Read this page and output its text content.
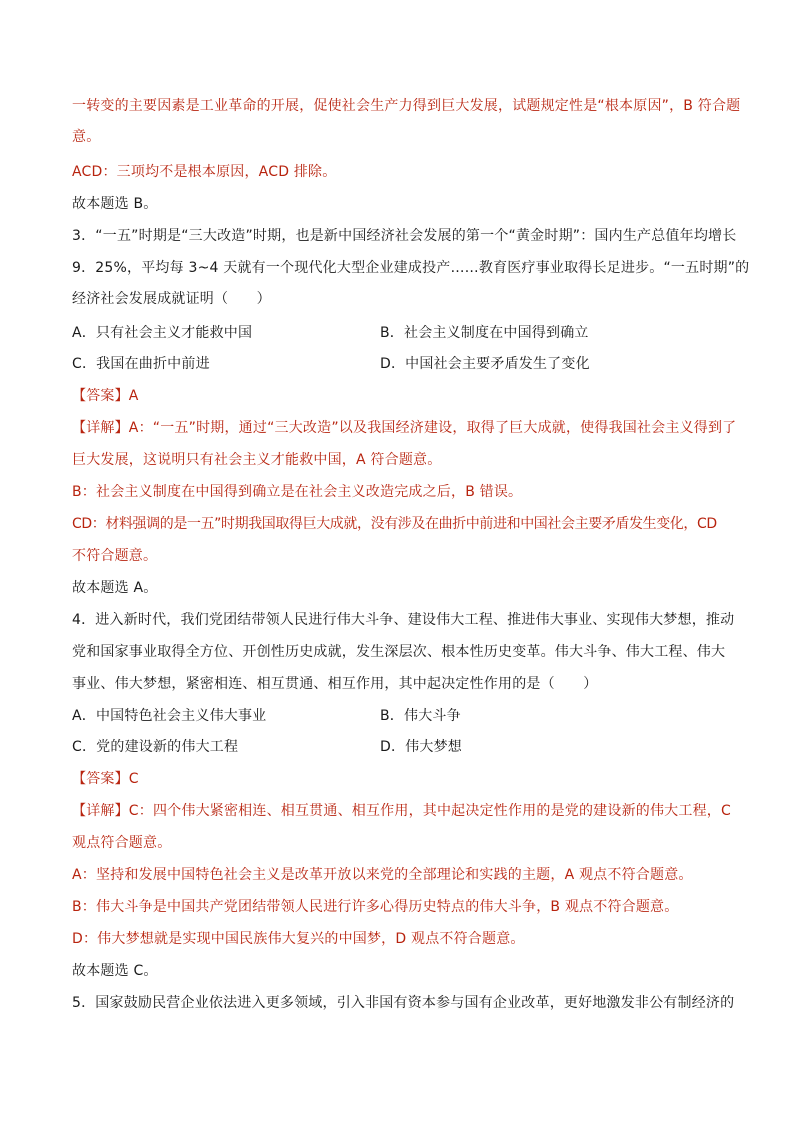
一转变的主要因素是工业革命的开展，促使社会生产力得到巨大发展，试题规定性是“根本原因”，B 符合题
意。
ACD：三项均不是根本原因，ACD 排除。
故本题选 B。
3．“一五”时期是“三大改造”时期，也是新中国经济社会发展的第一个“黄金时期”：国内生产总值年均增长
9．25%，平均每 3~4 天就有一个现代化大型企业建成投产……教育医疗事业取得长足进步。“一五时期”的
经济社会发展成就证明（　　）
A．只有社会主义才能救中国	B．社会主义制度在中国得到确立
C．我国在曲折中前进	D．中国社会主要矛盾发生了变化
【答案】A
【详解】A：“一五”时期，通过“三大改造”以及我国经济建设，取得了巨大成就，使得我国社会主义得到了
巨大发展，这说明只有社会主义才能救中国，A 符合题意。
B：社会主义制度在中国得到确立是在社会主义改造完成之后，B 错误。
CD：材料强调的是一五”时期我国取得巨大成就，没有涉及在曲折中前进和中国社会主要矛盾发生变化，CD
不符合题意。
故本题选 A。
4．进入新时代，我们党团结带领人民进行伟大斗争、建设伟大工程、推进伟大事业、实现伟大梦想，推动
党和国家事业取得全方位、开创性历史成就，发生深层次、根本性历史变革。伟大斗争、伟大工程、伟大
事业、伟大梦想，紧密相连、相互贯通、相互作用，其中起决定性作用的是（　　）
A．中国特色社会主义伟大事业	B．伟大斗争
C．党的建设新的伟大工程	D．伟大梦想
【答案】C
【详解】C：四个伟大紧密相连、相互贯通、相互作用，其中起决定性作用的是党的建设新的伟大工程，C
观点符合题意。
A：坚持和发展中国特色社会主义是改革开放以来党的全部理论和实践的主题，A 观点不符合题意。
B：伟大斗争是中国共产党团结带领人民进行许多心得历史特点的伟大斗争，B 观点不符合题意。
D：伟大梦想就是实现中国民族伟大复兴的中国梦，D 观点不符合题意。
故本题选 C。
5．国家鼓励民营企业依法进入更多领域，引入非国有资本参与国有企业改革，更好地激发非公有制经济的
